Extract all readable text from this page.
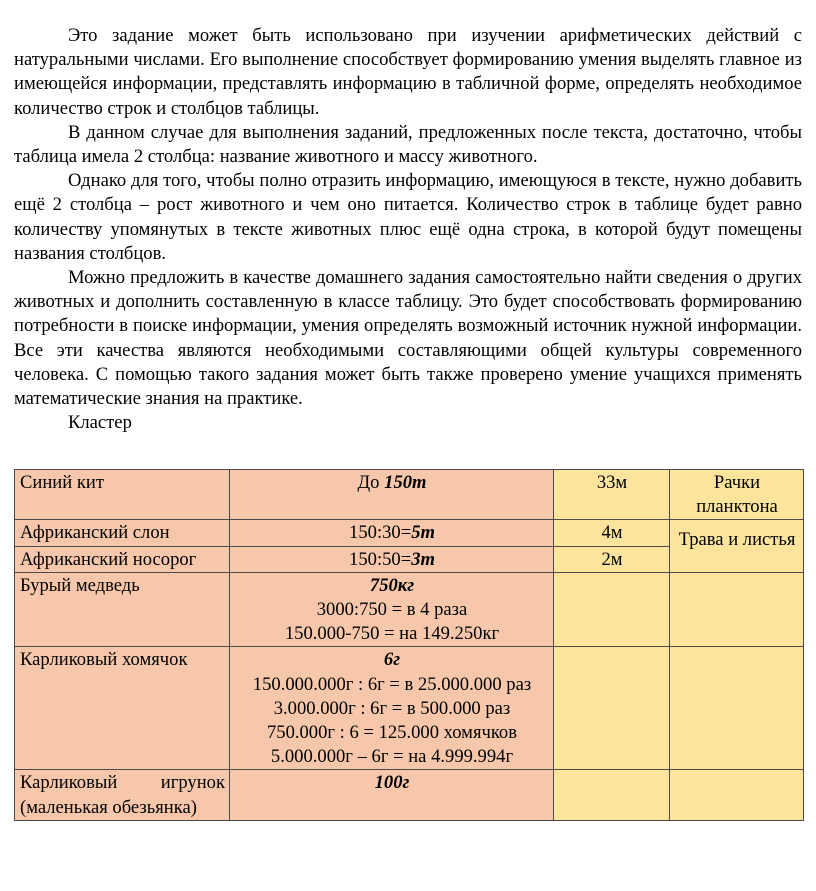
Это задание может быть использовано при изучении арифметических действий с натуральными числами. Его выполнение способствует формированию умения выделять главное из имеющейся информации, представлять информацию в табличной форме, определять необходимое количество строк и столбцов таблицы.

В данном случае для выполнения заданий, предложенных после текста, достаточно, чтобы таблица имела 2 столбца: название животного и массу животного.

Однако для того, чтобы полно отразить информацию, имеющуюся в тексте, нужно добавить ещё 2 столбца – рост животного и чем оно питается. Количество строк в таблице будет равно количеству упомянутых в тексте животных плюс ещё одна строка, в которой будут помещены названия столбцов.

Можно предложить в качестве домашнего задания самостоятельно найти сведения о других животных и дополнить составленную в классе таблицу. Это будет способствовать формированию потребности в поиске информации, умения определять возможный источник нужной информации. Все эти качества являются необходимыми составляющими общей культуры современного человека. С помощью такого задания может быть также проверено умение учащихся применять математические знания на практике.

Кластер

Синий кит	До 150т	33м	Рачки планктона
Африканский слон	150:30=5т	4м	Трава и листья
Африканский носорог	150:50=3т	2м	
Бурый медведь	750кг
3000:750 = в 4 раза
150.000-750 = на 149.250кг		

Карликовый хомячок	6г
150.000.000г : 6г = в 25.000.000 раз
3.000.000г : 6г = в 500.000 раз
750.000г : 6 = 125.000 хомячков
5.000.000г – 6г = на 4.999.994г		

Карликовый игрунок (маленькая обезьянка)	100г		
